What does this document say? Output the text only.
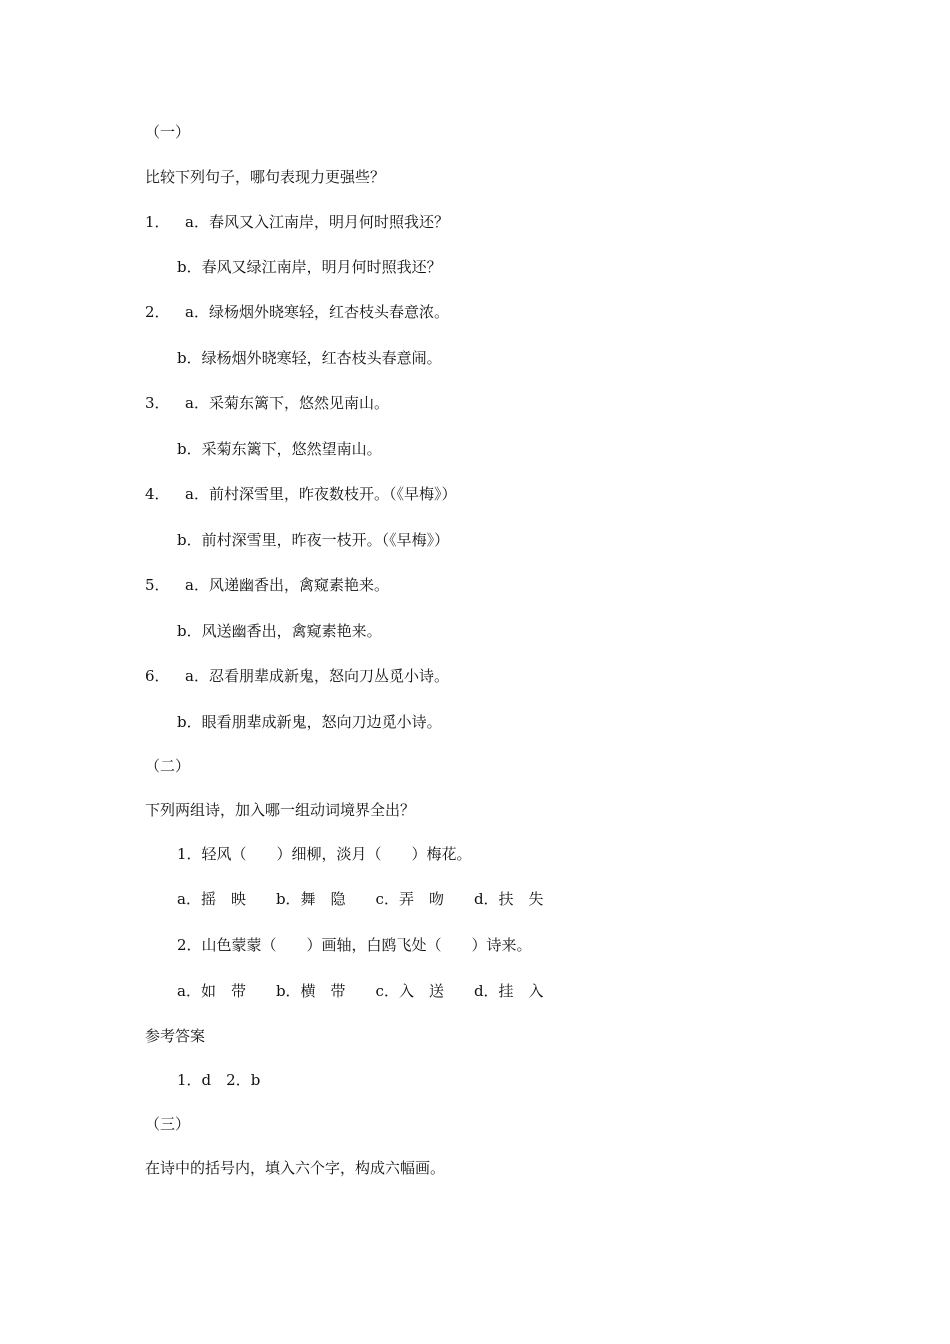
（一）
比较下列句子，哪句表现力更强些？
1． a．春风又入江南岸，明月何时照我还？
b．春风又绿江南岸，明月何时照我还？
2． a．绿杨烟外晓寒轻，红杏枝头春意浓。
b．绿杨烟外晓寒轻，红杏枝头春意闹。
3． a．采菊东篱下，悠然见南山。
b．采菊东篱下，悠然望南山。
4． a．前村深雪里，昨夜数枝开。（《早梅》）
b．前村深雪里，昨夜一枝开。（《早梅》）
5． a．风递幽香出，禽窥素艳来。
b．风送幽香出，禽窥素艳来。
6． a．忍看朋辈成新鬼，怒向刀丛觅小诗。
b．眼看朋辈成新鬼，怒向刀边觅小诗。
（二）
下列两组诗，加入哪一组动词境界全出？
1．轻风（　　）细柳，淡月（　　）梅花。
a．摇　映　　b．舞　隐　　c．弄　吻　　d．扶　失
2．山色蒙蒙（　　）画轴，白鸥飞处（　　）诗来。
a．如　带　　b．横　带　　c．入　送　　d．挂　入
参考答案
1．d　2．b
（三）
在诗中的括号内，填入六个字，构成六幅画。
